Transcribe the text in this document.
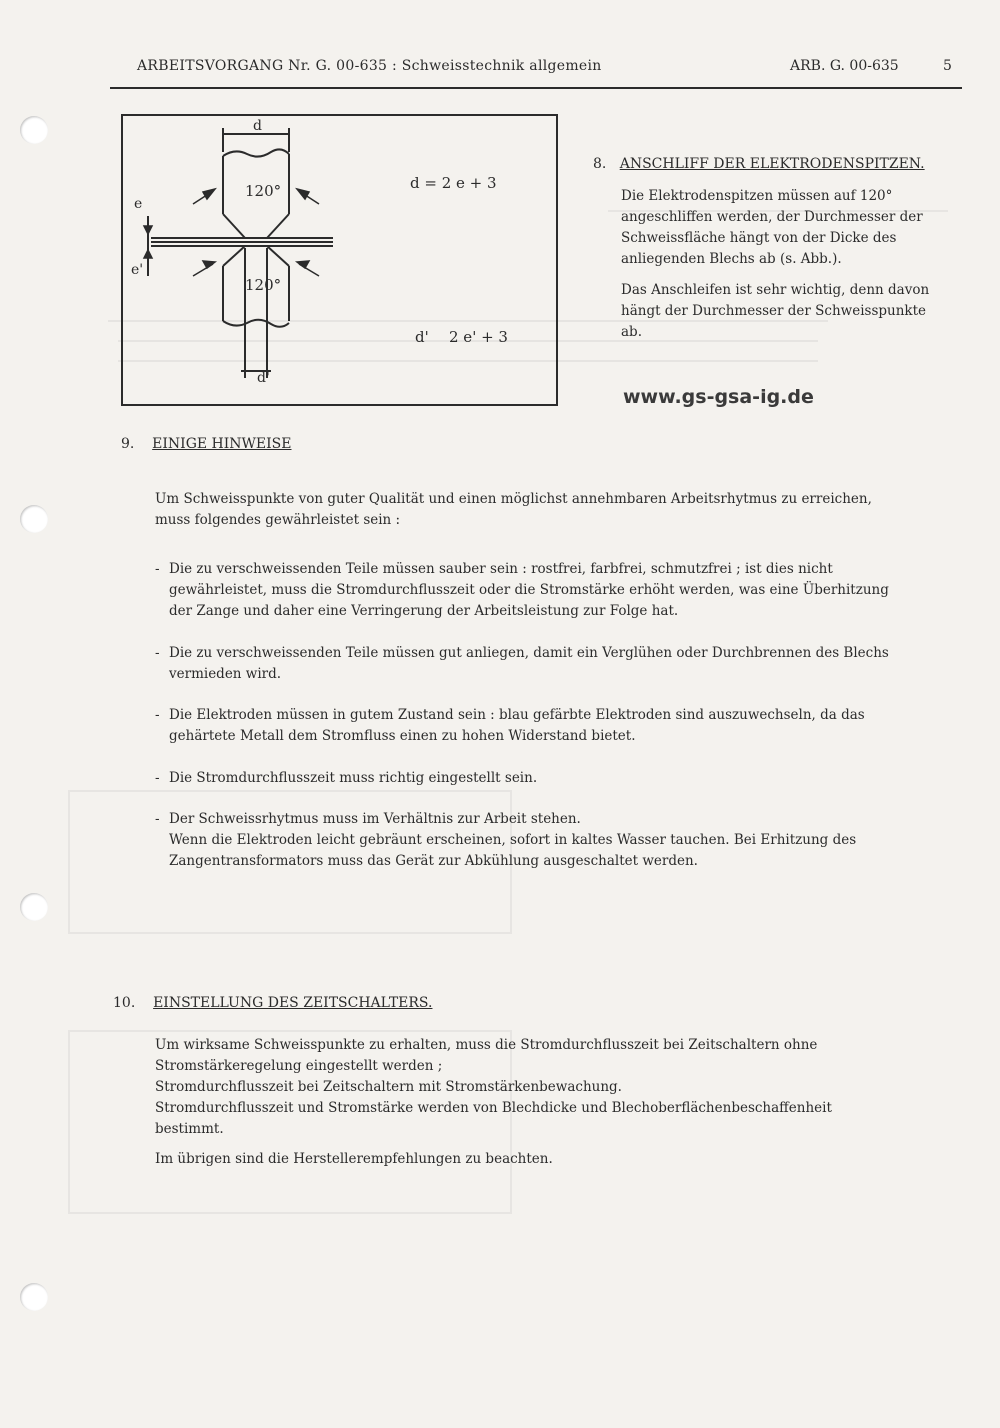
ARBEITSVORGANG Nr. G. 00-635 : Schweisstechnik allgemein	ARB. G. 00-635	5
d
e
e'
120°
120°
d = 2 e + 3
d' 2 e' + 3
d'
8. ANSCHLIFF DER ELEKTRODENSPITZEN.

Die Elektrodenspitzen müssen auf 120° angeschliffen werden, der Durchmesser der Schweissfläche hängt von der Dicke des anliegenden Blechs ab (s. Abb.).

Das Anschleifen ist sehr wichtig, denn davon hängt der Durchmesser der Schweisspunkte ab.

www.gs-gsa-ig.de
9. EINIGE HINWEISE
Um Schweisspunkte von guter Qualität und einen möglichst annehmbaren Arbeitsrhytmus zu erreichen, muss folgendes gewährleistet sein :
- Die zu verschweissenden Teile müssen sauber sein : rostfrei, farbfrei, schmutzfrei ; ist dies nicht gewährleistet, muss die Stromdurchflusszeit oder die Stromstärke erhöht werden, was eine Überhitzung der Zange und daher eine Verringerung der Arbeitsleistung zur Folge hat.
- Die zu verschweissenden Teile müssen gut anliegen, damit ein Verglühen oder Durchbrennen des Blechs vermieden wird.
- Die Elektroden müssen in gutem Zustand sein : blau gefärbte Elektroden sind auszuwechseln, da das gehärtete Metall dem Stromfluss einen zu hohen Widerstand bietet.
- Die Stromdurchflusszeit muss richtig eingestellt sein.
- Der Schweissrhytmus muss im Verhältnis zur Arbeit stehen.
Wenn die Elektroden leicht gebräunt erscheinen, sofort in kaltes Wasser tauchen. Bei Erhitzung des Zangentransformators muss das Gerät zur Abkühlung ausgeschaltet werden.
10. EINSTELLUNG DES ZEITSCHALTERS.
Um wirksame Schweisspunkte zu erhalten, muss die Stromdurchflusszeit bei Zeitschaltern ohne Stromstärkeregelung eingestellt werden ;
Stromdurchflusszeit bei Zeitschaltern mit Stromstärkenbewachung.
Stromdurchflusszeit und Stromstärke werden von Blechdicke und Blechoberflächenbeschaffenheit bestimmt.
Im übrigen sind die Herstellerempfehlungen zu beachten.
